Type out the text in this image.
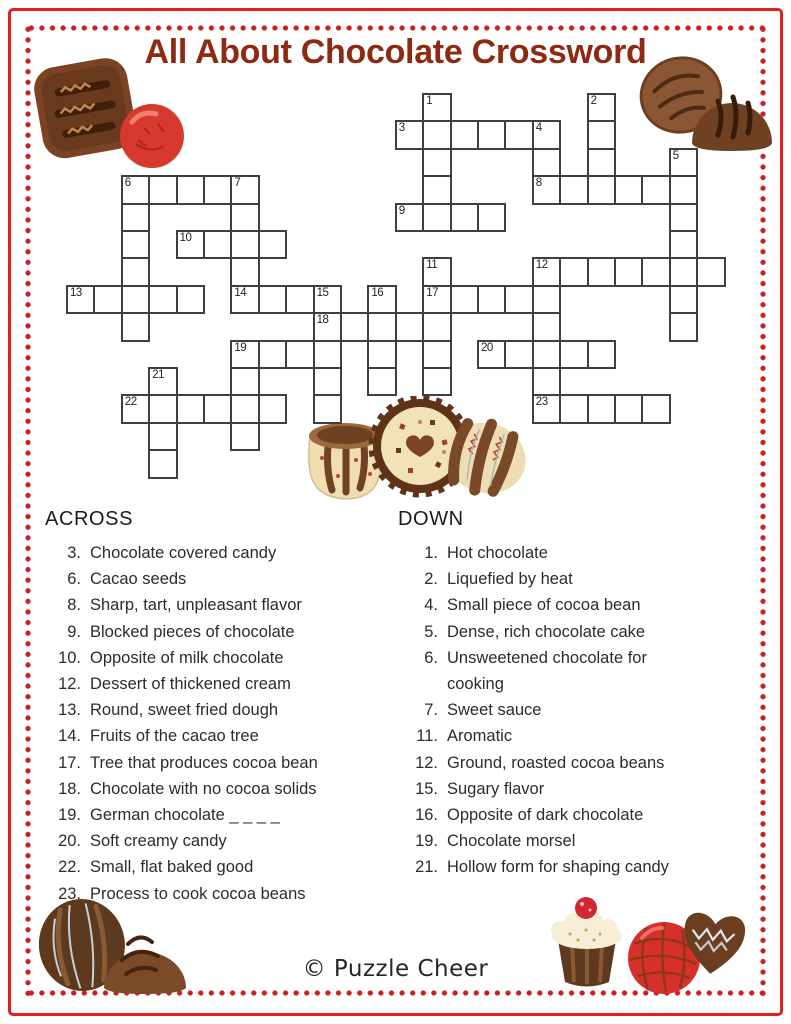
All About Chocolate Crossword
1	2
3	4
5
6	7	8
9
10
11	12
13	14	15	16	17
18
19	20
21
22	23
ACROSS
3. Chocolate covered candy
6. Cacao seeds
8. Sharp, tart, unpleasant flavor
9. Blocked pieces of chocolate
10. Opposite of milk chocolate
12. Dessert of thickened cream
13. Round, sweet fried dough
14. Fruits of the cacao tree
17. Tree that produces cocoa bean
18. Chocolate with no cocoa solids
19. German chocolate _ _ _ _
20. Soft creamy candy
22. Small, flat baked good
23. Process to cook cocoa beans
DOWN
1. Hot chocolate
2. Liquefied by heat
4. Small piece of cocoa bean
5. Dense, rich chocolate cake
6. Unsweetened chocolate for
cooking
7. Sweet sauce
11. Aromatic
12. Ground, roasted cocoa beans
15. Sugary flavor
16. Opposite of dark chocolate
19. Chocolate morsel
21. Hollow form for shaping candy
© Puzzle Cheer
